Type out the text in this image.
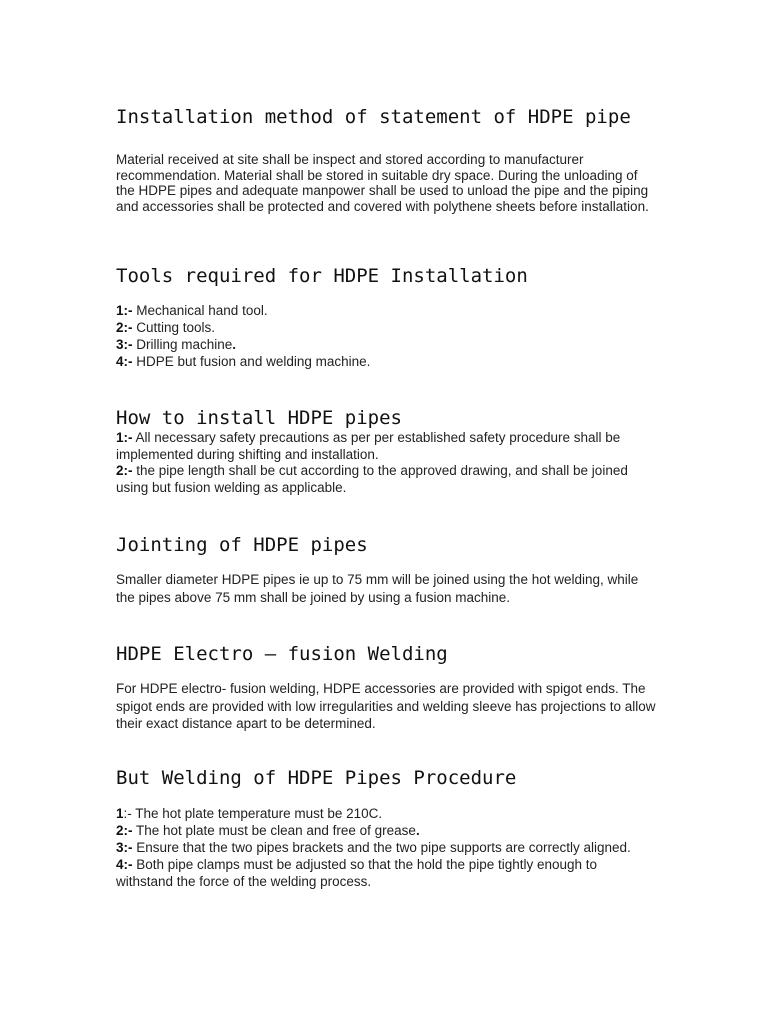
Installation method of statement of HDPE pipe

Material received at site shall be inspect and stored according to manufacturer recommendation. Material shall be stored in suitable dry space. During the unloading of the HDPE pipes and adequate manpower shall be used to unload the pipe and the piping and accessories shall be protected and covered with polythene sheets before installation.

Tools required for HDPE Installation
1:- Mechanical hand tool.
2:- Cutting tools.
3:- Drilling machine.
4:- HDPE but fusion and welding machine.
How to install HDPE pipes
1:- All necessary safety precautions as per per established safety procedure shall be implemented during shifting and installation.
2:- the pipe length shall be cut according to the approved drawing, and shall be joined using but fusion welding as applicable.
Jointing of HDPE pipes

Smaller diameter HDPE pipes ie up to 75 mm will be joined using the hot welding, while the pipes above 75 mm shall be joined by using a fusion machine.

HDPE Electro – fusion Welding

For HDPE electro- fusion welding, HDPE accessories are provided with spigot ends. The spigot ends are provided with low irregularities and welding sleeve has projections to allow their exact distance apart to be determined.

But Welding of HDPE Pipes Procedure
1:- The hot plate temperature must be 210C.
2:- The hot plate must be clean and free of grease.
3:- Ensure that the two pipes brackets and the two pipe supports are correctly aligned.
4:- Both pipe clamps must be adjusted so that the hold the pipe tightly enough to withstand the force of the welding process.
